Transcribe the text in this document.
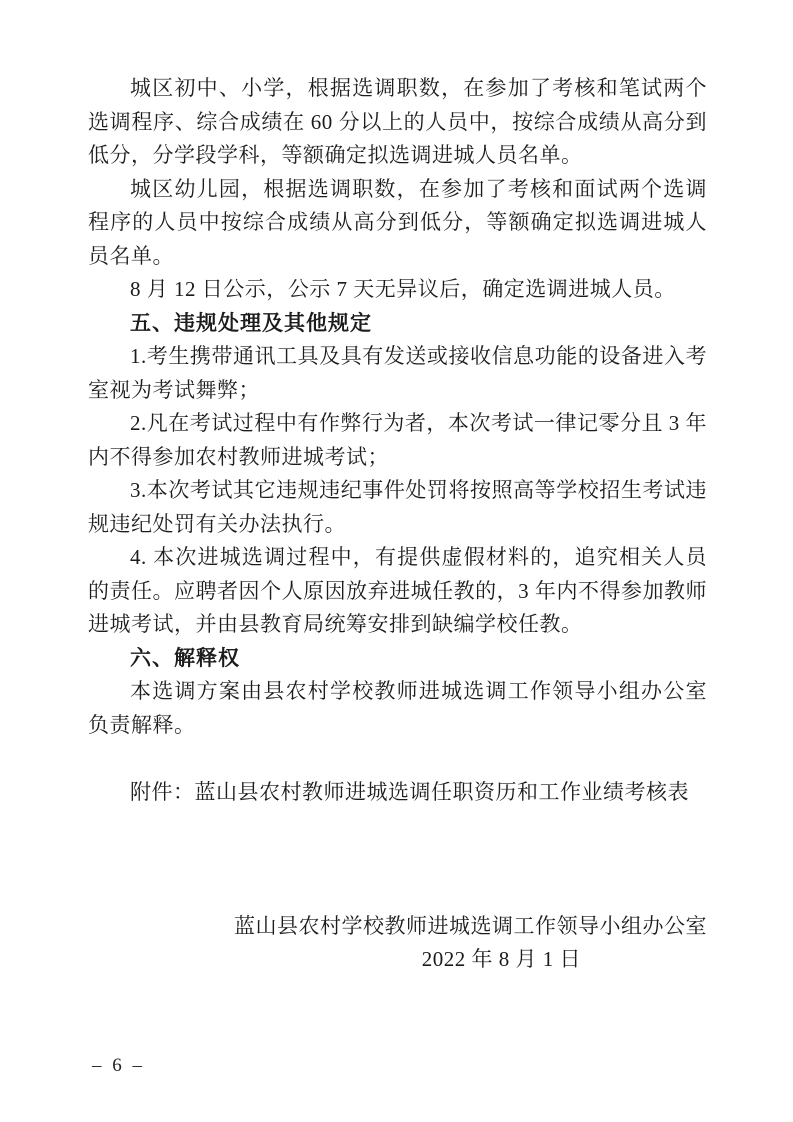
城区初中、小学，根据选调职数，在参加了考核和笔试两个选调程序、综合成绩在 60 分以上的人员中，按综合成绩从高分到低分，分学段学科，等额确定拟选调进城人员名单。

城区幼儿园，根据选调职数，在参加了考核和面试两个选调程序的人员中按综合成绩从高分到低分，等额确定拟选调进城人员名单。

8 月 12 日公示，公示 7 天无异议后，确定选调进城人员。

五、违规处理及其他规定

1.考生携带通讯工具及具有发送或接收信息功能的设备进入考室视为考试舞弊；

2.凡在考试过程中有作弊行为者，本次考试一律记零分且 3 年内不得参加农村教师进城考试；

3.本次考试其它违规违纪事件处罚将按照高等学校招生考试违规违纪处罚有关办法执行。

4. 本次进城选调过程中，有提供虚假材料的，追究相关人员的责任。应聘者因个人原因放弃进城任教的，3 年内不得参加教师进城考试，并由县教育局统筹安排到缺编学校任教。

六、解释权

本选调方案由县农村学校教师进城选调工作领导小组办公室负责解释。

附件：蓝山县农村教师进城选调任职资历和工作业绩考核表

蓝山县农村学校教师进城选调工作领导小组办公室

2022 年 8 月 1 日

– 6 –
